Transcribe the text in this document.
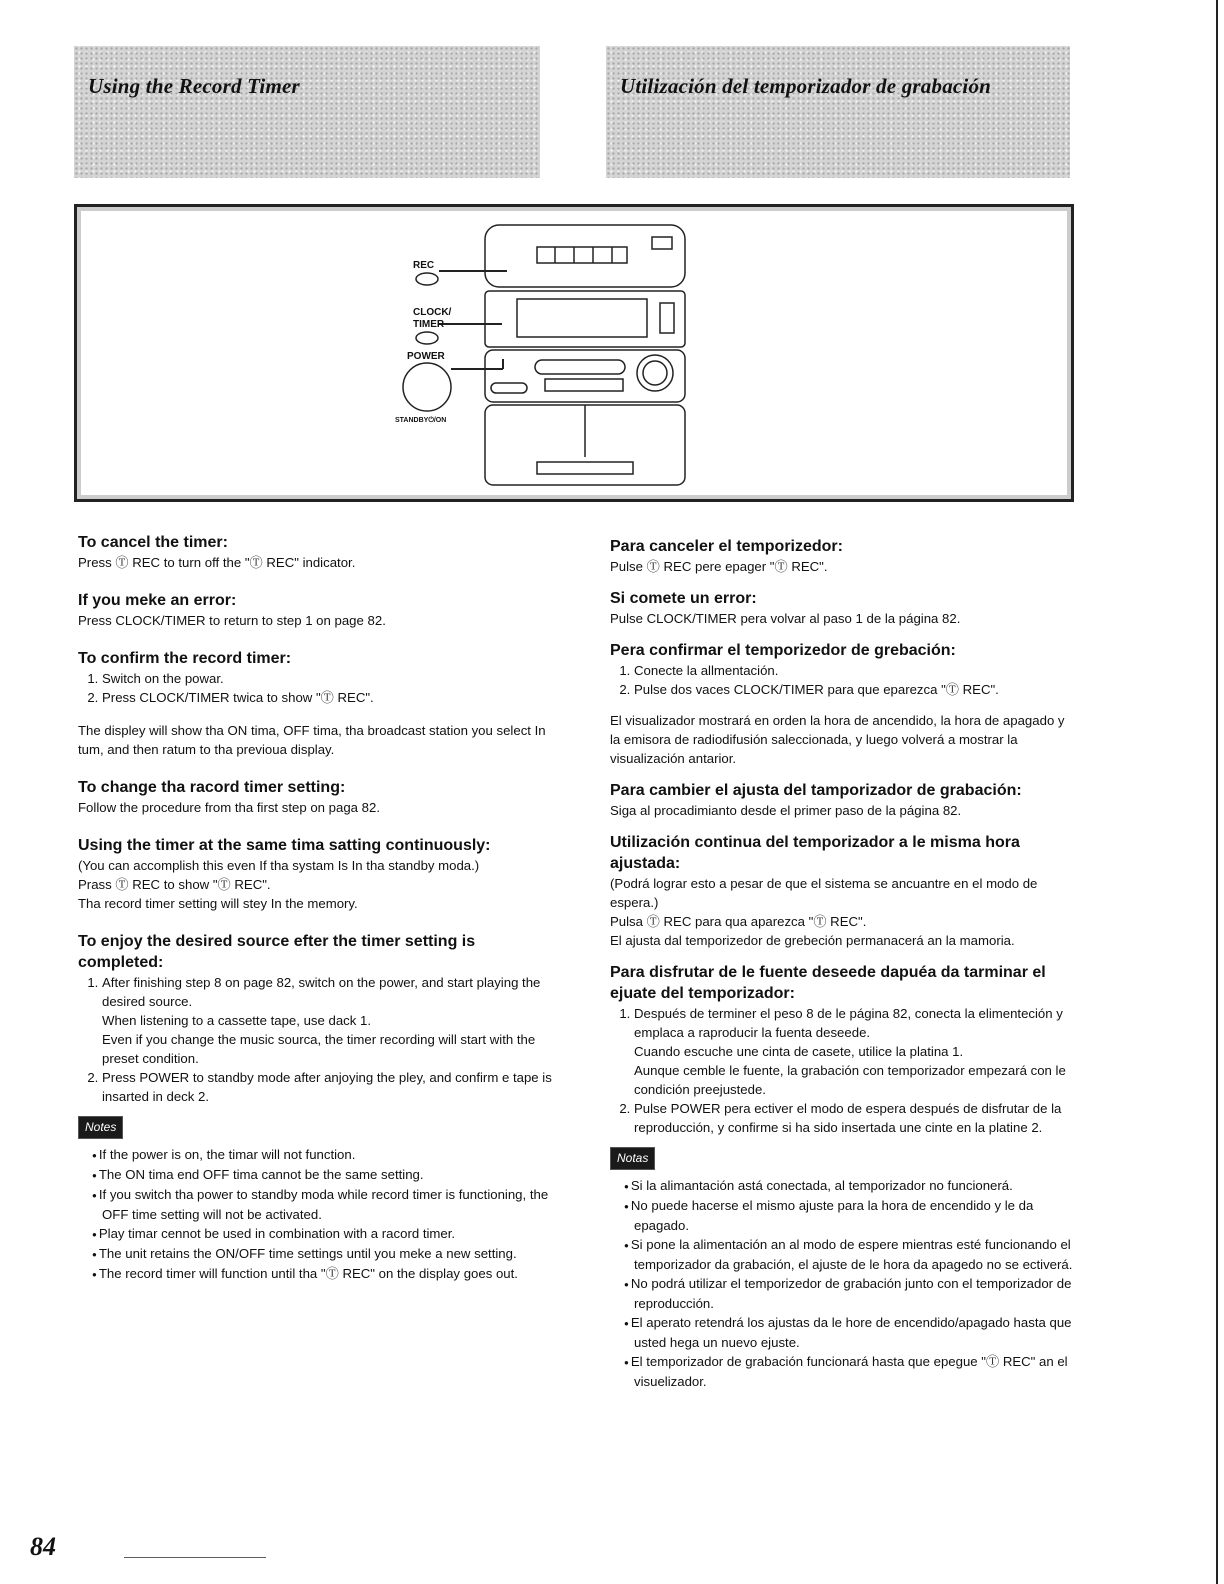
Using the Record Timer	Utilización del temporizador de grabación
REC
CLOCK/
TIMER
POWER
STANDBY⏻/ON
To cancel the timer:

Press Ⓣ REC to turn off the "Ⓣ REC" indicator.

If you meke an error:

Press CLOCK/TIMER to return to step 1 on page 82.

To confirm the record timer:
1. Switch on the powar.
2. Press CLOCK/TIMER twica to show "Ⓣ REC".

The displey will show tha ON tima, OFF tima, tha broadcast station you select In tum, and then ratum to tha previoua display.

To change tha racord timer setting:

Follow the procedure from tha first step on paga 82.

Using the timer at the same tima satting continuously:

(You can accomplish this even If tha systam Is In tha standby moda.)

Prass Ⓣ REC to show "Ⓣ REC".

Tha record timer setting will stey In the memory.

To enjoy the desired source efter the timer setting is completed:
1. After finishing step 8 on page 82, switch on the power, and start playing the desired source.
When listening to a cassette tape, use dack 1.
Even if you change the music sourca, the timer recording will start with the preset condition.
2. Press POWER to standby mode after anjoying the pley, and confirm e tape is insarted in deck 2.
Notes
● If the power is on, the timar will not function.
● The ON tima end OFF tima cannot be the same setting.
● If you switch tha power to standby moda while record timer is functioning, the OFF time setting will not be activated.
● Play timar cennot be used in combination with a racord timer.
● The unit retains the ON/OFF time settings until you meke a new setting.
● The record timer will function until tha "Ⓣ REC" on the display goes out.
Para canceler el temporizedor:

Pulse Ⓣ REC pere epager "Ⓣ REC".

Si comete un error:

Pulse CLOCK/TIMER pera volvar al paso 1 de la página 82.

Pera confirmar el temporizedor de grebación:
1. Conecte la allmentación.
2. Pulse dos vaces CLOCK/TIMER para que eparezca "Ⓣ REC".

El visualizador mostrará en orden la hora de ancendido, la hora de apagado y la emisora de radiodifusión saleccionada, y luego volverá a mostrar la visualización antarior.

Para cambier el ajusta del tamporizador de grabación:

Siga al procadimianto desde el primer paso de la página 82.

Utilización continua del temporizador a le misma hora ajustada:

(Podrá lograr esto a pesar de que el sistema se ancuantre en el modo de espera.)

Pulsa Ⓣ REC para qua aparezca "Ⓣ REC".

El ajusta dal temporizedor de grebeción permanacerá an la mamoria.

Para disfrutar de le fuente deseede dapuéa da tarminar el ejuate del temporizador:
1. Después de terminer el peso 8 de le página 82, conecta la elimenteción y emplaca a raproducir la fuenta deseede.
Cuando escuche une cinta de casete, utilice la platina 1.
Aunque cemble le fuente, la grabación con temporizador empezará con le condición preejustede.
2. Pulse POWER pera ectiver el modo de espera después de disfrutar de la reproducción, y confirme si ha sido insertada une cinte en la platine 2.
Notas
● Si la alimantación astá conectada, al temporizador no funcionerá.
● No puede hacerse el mismo ajuste para la hora de encendido y le da epagado.
● Si pone la alimentación an al modo de espere mientras esté funcionando el temporizador da grabación, el ajuste de le hora da apagedo no se ectiverá.
● No podrá utilizar el temporizedor de grabación junto con el temporizador de reproducción.
● El aperato retendrá los ajustas da le hore de encendido/apagado hasta que usted hega un nuevo ejuste.
● El temporizador de grabación funcionará hasta que epegue "Ⓣ REC" an el visuelizador.
84
